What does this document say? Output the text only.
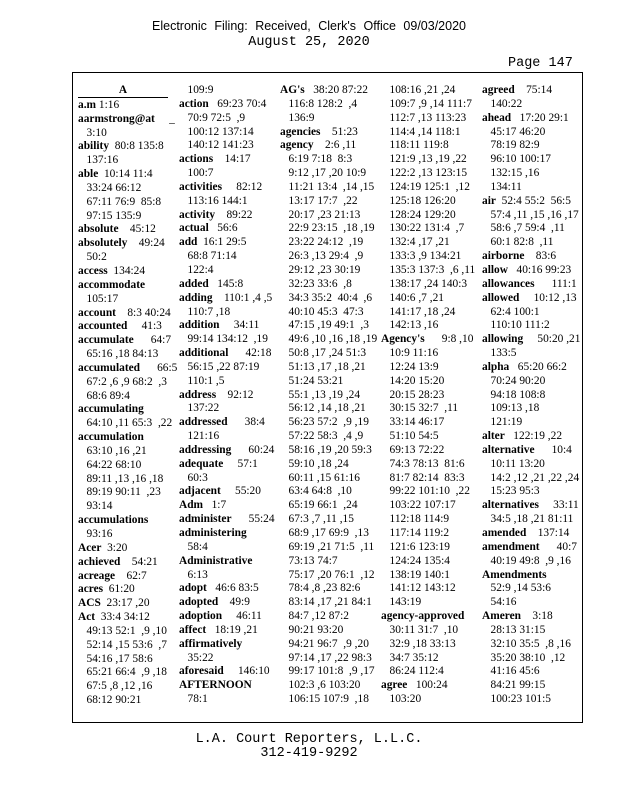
Electronic Filing: Received, Clerk's Office 09/03/2020
August 25, 2020
Page 147
A
a.m 1:16
aarmstrong@at     _
3:10
ability  80:8 135:8
137:16
able  10:14 11:4
33:24 66:12
67:11 76:9  85:8
97:15 135:9
absolute    45:12
absolutely    49:24
50:2
access  134:24
accommodate
105:17
account    8:3 40:24
accounted     41:3
accumulate      64:7
65:16 ,18 84:13
accumulated      66:5
67:2 ,6 ,9 68:2  ,3
68:6 89:4
accumulating
64:10 ,11 65:3  ,22
accumulation
63:10 ,16 ,21
64:22 68:10
89:11 ,13 ,16 ,18
89:19 90:11  ,23
93:14
accumulations
93:16
Acer  3:20
achieved    54:21
acreage    62:7
acres  61:20
ACS  23:17 ,20
Act  33:4 34:12
49:13 52:1  ,9 ,10
52:14 ,15 53:6  ,7
54:16 ,17 58:6
65:21 66:4  ,9 ,18
67:5 ,8 ,12 ,16
68:12 90:21
109:9
action   69:23 70:4
70:9 72:5  ,9
100:12 137:14
140:12 141:23
actions    14:17
100:7
activities     82:12
113:16 144:1
activity    89:22
actual   56:6
add  16:1 29:5
68:8 71:14
122:4
added   145:8
adding    110:1 ,4 ,5
110:7 ,18
addition     34:11
99:14 134:12  ,19
additional      42:18
56:15 ,22 87:19
110:1 ,5
address    92:12
137:22
addressed      38:4
121:16
addressing      60:24
adequate     57:1
60:3
adjacent     55:20
Adm   1:7
administer      55:24
administering
58:4
Administrative
6:13
adopt   46:6 83:5
adopted    49:9
adoption     46:11
affect   18:19 ,21
affirmatively
35:22
aforesaid     146:10
AFTERNOON
78:1
AG's   38:20 87:22
116:8 128:2  ,4
136:9
agencies    51:23
agency    2:6 ,11
6:19 7:18  8:3
9:12 ,17 ,20 10:9
11:21 13:4  ,14 ,15
13:17 17:7  ,22
20:17 ,23 21:13
22:9 23:15  ,18 ,19
23:22 24:12  ,19
26:3 ,13 29:4  ,9
29:12 ,23 30:19
32:23 33:6  ,8
34:3 35:2  40:4  ,6
40:10 45:3  47:3
47:15 ,19 49:1  ,3
49:6 ,10 ,16 ,18 ,19
50:8 ,17 ,24 51:3
51:13 ,17 ,18 ,21
51:24 53:21
55:1 ,13 ,19 ,24
56:12 ,14 ,18 ,21
56:23 57:2  ,9 ,19
57:22 58:3  ,4 ,9
58:16 ,19 ,20 59:3
59:10 ,18 ,24
60:11 ,15 61:16
63:4 64:8  ,10
65:19 66:1  ,24
67:3 ,7 ,11 ,15
68:9 ,17 69:9  ,13
69:19 ,21 71:5  ,11
73:13 74:7
75:17 ,20 76:1  ,12
78:4 ,8 ,23 82:6
83:14 ,17 ,21 84:1
84:7 ,12 87:2
90:21 93:20
94:21 96:7  ,9 ,20
97:14 ,17 ,22 98:3
99:17 101:8  ,9 ,17
102:3 ,6 103:20
106:15 107:9  ,18
108:16 ,21 ,24
109:7 ,9 ,14 111:7
112:7 ,13 113:23
114:4 ,14 118:1
118:11 119:8
121:9 ,13 ,19 ,22
122:2 ,13 123:15
124:19 125:1  ,12
125:18 126:20
128:24 129:20
130:22 131:4  ,7
132:4 ,17 ,21
133:3 ,9 134:21
135:3 137:3  ,6 ,11
138:17 ,24 140:3
140:6 ,7 ,21
141:17 ,18 ,24
142:13 ,16
Agency's      9:8 ,10
10:9 11:16
12:24 13:9
14:20 15:20
20:15 28:23
30:15 32:7  ,11
33:14 46:17
51:10 54:5
69:13 72:22
74:3 78:13  81:6
81:7 82:14  83:3
99:22 101:10  ,22
103:22 107:17
112:18 114:9
117:14 119:2
121:6 123:19
124:24 135:4
138:19 140:1
141:12 143:12
143:19
agency-approved
30:11 31:7  ,10
32:9 ,18 33:13
34:7 35:12
86:24 112:4
agree   100:24
103:20
agreed    75:14
140:22
ahead   17:20 29:1
45:17 46:20
78:19 82:9
96:10 100:17
132:15 ,16
134:11
air  52:4 55:2  56:5
57:4 ,11 ,15 ,16 ,17
58:6 ,7 59:4  ,11
60:1 82:8  ,11
airborne    83:6
allow   40:16 99:23
allowances      111:1
allowed     10:12 ,13
62:4 100:1
110:10 111:2
allowing     50:20 ,21
133:5
alpha   65:20 66:2
70:24 90:20
94:18 108:8
109:13 ,18
121:19
alter   122:19 ,22
alternative      10:4
10:11 13:20
14:2 ,12 ,21 ,22 ,24
15:23 95:3
alternatives     33:11
34:5 ,18 ,21 81:11
amended    137:14
amendment      40:7
40:19 49:8  ,9 ,16
Amendments
52:9 ,14 53:6
54:16
Ameren    3:18
28:13 31:15
32:10 35:5  ,8 ,16
35:20 38:10  ,12
41:16 45:6
84:21 99:15
100:23 101:5
L.A. Court Reporters, L.L.C.
312-419-9292
